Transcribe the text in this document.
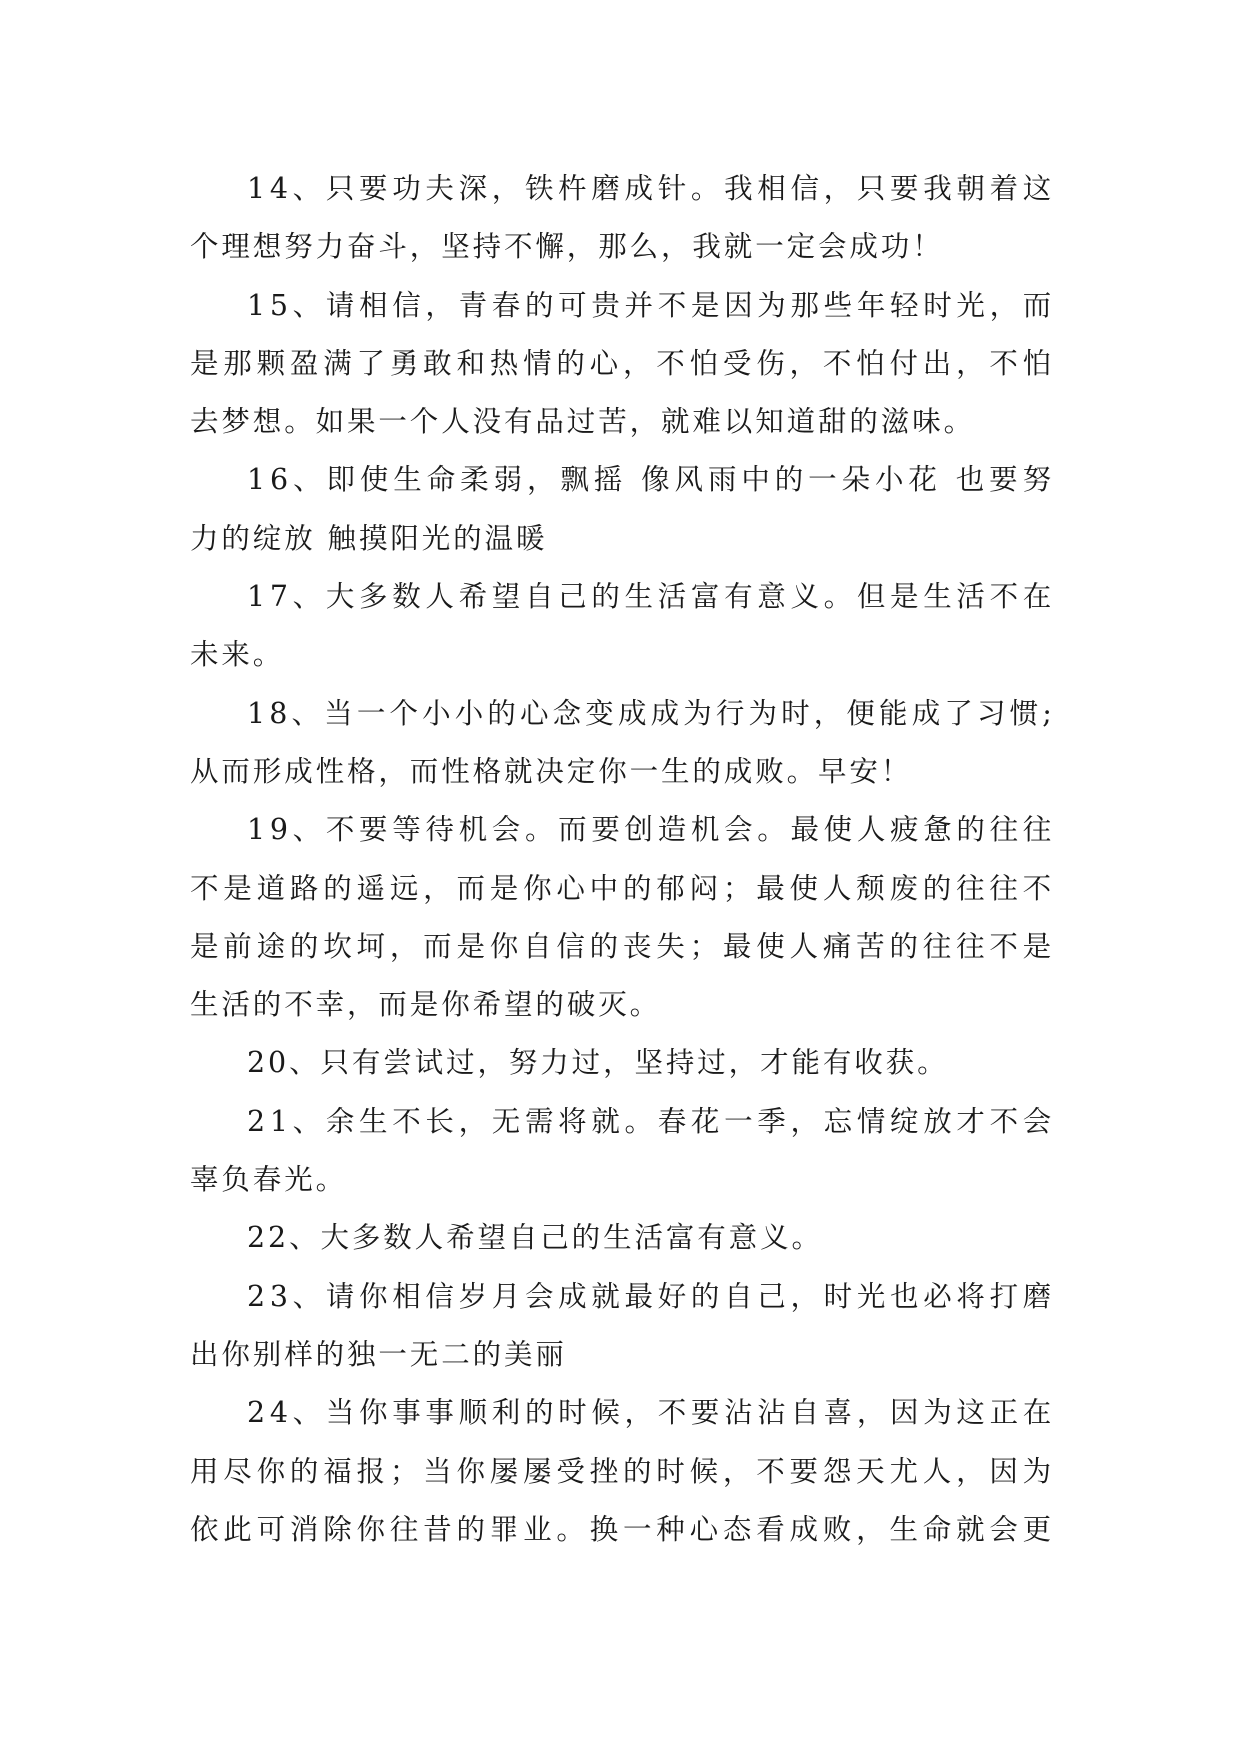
14、只要功夫深，铁杵磨成针。我相信，只要我朝着这
个理想努力奋斗，坚持不懈，那么，我就一定会成功！
15、请相信，青春的可贵并不是因为那些年轻时光，而
是那颗盈满了勇敢和热情的心，不怕受伤，不怕付出，不怕
去梦想。如果一个人没有品过苦，就难以知道甜的滋味。
16、即使生命柔弱，飘摇 像风雨中的一朵小花 也要努
力的绽放 触摸阳光的温暖
17、大多数人希望自己的生活富有意义。但是生活不在
未来。
18、当一个小小的心念变成成为行为时，便能成了习惯;
从而形成性格，而性格就决定你一生的成败。早安！
19、不要等待机会。而要创造机会。最使人疲惫的往往
不是道路的遥远，而是你心中的郁闷；最使人颓废的往往不
是前途的坎坷，而是你自信的丧失；最使人痛苦的往往不是
生活的不幸，而是你希望的破灭。
20、只有尝试过，努力过，坚持过，才能有收获。
21、余生不长，无需将就。春花一季，忘情绽放才不会
辜负春光。
22、大多数人希望自己的生活富有意义。
23、请你相信岁月会成就最好的自己，时光也必将打磨
出你别样的独一无二的美丽
24、当你事事顺利的时候，不要沾沾自喜，因为这正在
用尽你的福报；当你屡屡受挫的时候，不要怨天尤人，因为
依此可消除你往昔的罪业。换一种心态看成败，生命就会更
